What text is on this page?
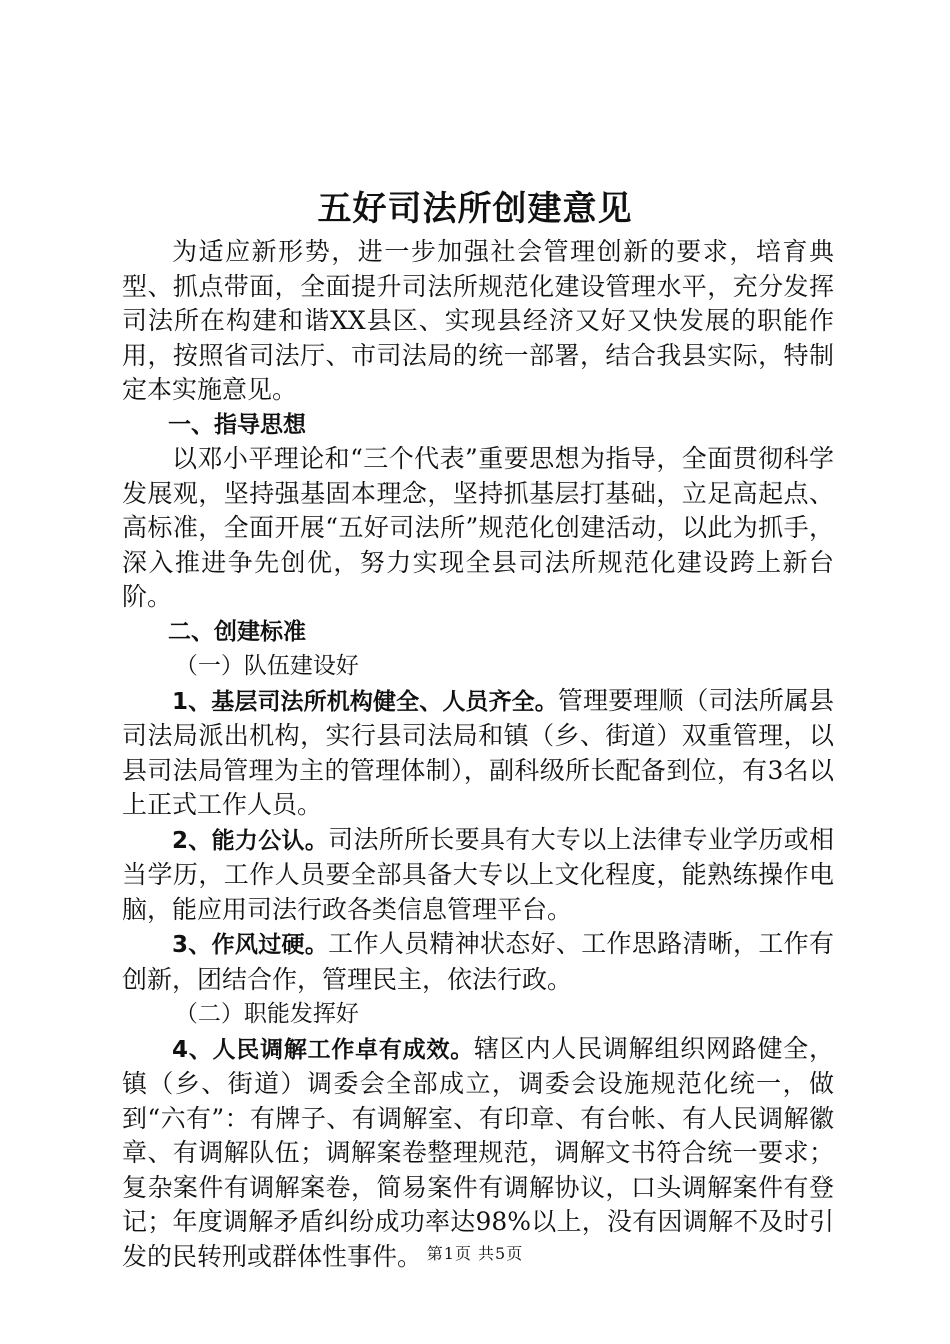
五好司法所创建意见

为适应新形势，进一步加强社会管理创新的要求，培育典型、抓点带面，全面提升司法所规范化建设管理水平，充分发挥司法所在构建和谐XX县区、实现县经济又好又快发展的职能作用，按照省司法厅、市司法局的统一部署，结合我县实际，特制定本实施意见。

一、指导思想

以邓小平理论和“三个代表”重要思想为指导，全面贯彻科学发展观，坚持强基固本理念，坚持抓基层打基础，立足高起点、高标准，全面开展“五好司法所”规范化创建活动，以此为抓手，深入推进争先创优，努力实现全县司法所规范化建设跨上新台阶。

二、创建标准

（一）队伍建设好

1、基层司法所机构健全、人员齐全。管理要理顺（司法所属县司法局派出机构，实行县司法局和镇（乡、街道）双重管理，以县司法局管理为主的管理体制），副科级所长配备到位，有3名以上正式工作人员。

2、能力公认。司法所所长要具有大专以上法律专业学历或相当学历，工作人员要全部具备大专以上文化程度，能熟练操作电脑，能应用司法行政各类信息管理平台。

3、作风过硬。工作人员精神状态好、工作思路清晰，工作有创新，团结合作，管理民主，依法行政。

（二）职能发挥好

4、人民调解工作卓有成效。辖区内人民调解组织网路健全，镇（乡、街道）调委会全部成立，调委会设施规范化统一，做到“六有”：有牌子、有调解室、有印章、有台帐、有人民调解徽章、有调解队伍；调解案卷整理规范，调解文书符合统一要求；复杂案件有调解案卷，简易案件有调解协议，口头调解案件有登记；年度调解矛盾纠纷成功率达98%以上，没有因调解不及时引发的民转刑或群体性事件。 第1页 共5页
